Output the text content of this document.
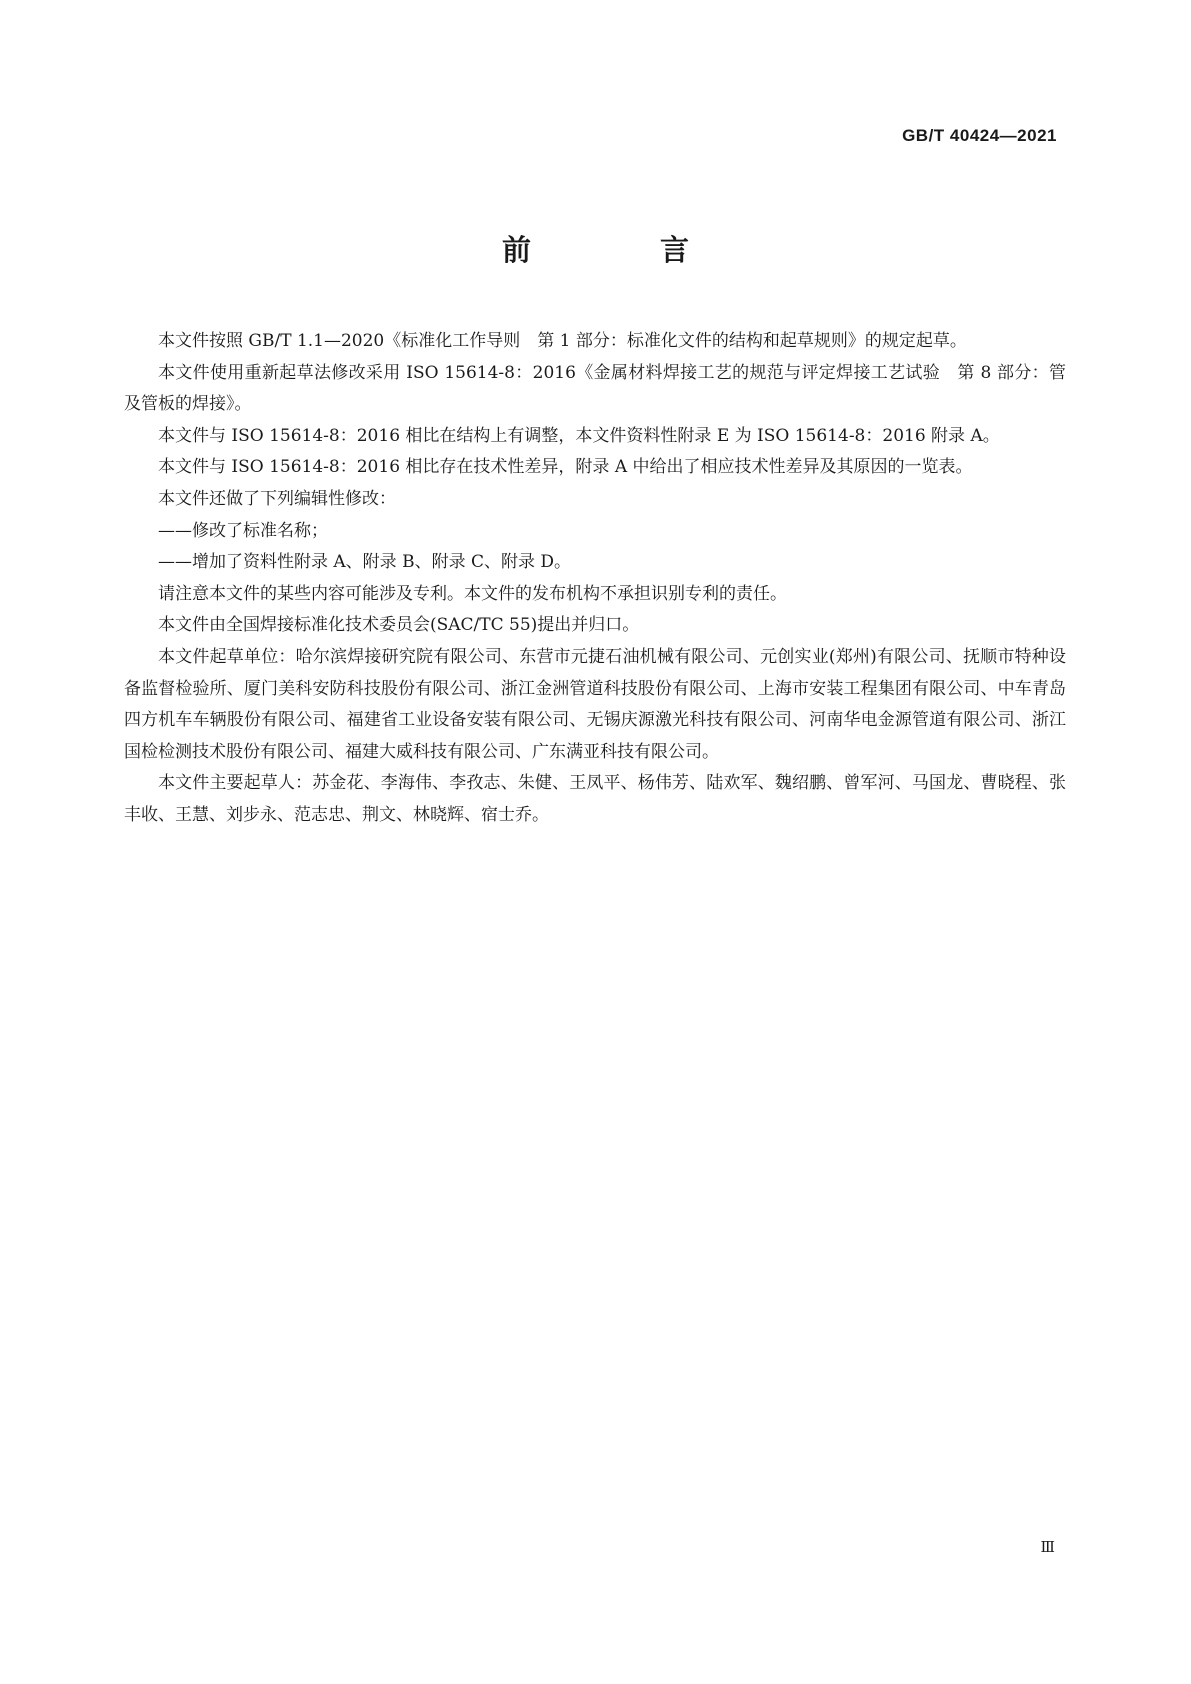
GB/T 40424—2021
前　言

本文件按照 GB/T 1.1—2020《标准化工作导则　第 1 部分：标准化文件的结构和起草规则》的规定起草。

本文件使用重新起草法修改采用 ISO 15614-8：2016《金属材料焊接工艺的规范与评定焊接工艺试验　第 8 部分：管及管板的焊接》。

本文件与 ISO 15614-8：2016 相比在结构上有调整，本文件资料性附录 E 为 ISO 15614-8：2016 附录 A。

本文件与 ISO 15614-8：2016 相比存在技术性差异，附录 A 中给出了相应技术性差异及其原因的一览表。

本文件还做了下列编辑性修改：

——修改了标准名称；

——增加了资料性附录 A、附录 B、附录 C、附录 D。

请注意本文件的某些内容可能涉及专利。本文件的发布机构不承担识别专利的责任。

本文件由全国焊接标准化技术委员会(SAC/TC 55)提出并归口。

本文件起草单位：哈尔滨焊接研究院有限公司、东营市元捷石油机械有限公司、元创实业(郑州)有限公司、抚顺市特种设备监督检验所、厦门美科安防科技股份有限公司、浙江金洲管道科技股份有限公司、上海市安装工程集团有限公司、中车青岛四方机车车辆股份有限公司、福建省工业设备安装有限公司、无锡庆源激光科技有限公司、河南华电金源管道有限公司、浙江国检检测技术股份有限公司、福建大威科技有限公司、广东满亚科技有限公司。

本文件主要起草人：苏金花、李海伟、李孜志、朱健、王凤平、杨伟芳、陆欢军、魏绍鹏、曾军河、马国龙、曹晓程、张丰收、王慧、刘步永、范志忠、荆文、林晓辉、宿士乔。

Ⅲ
